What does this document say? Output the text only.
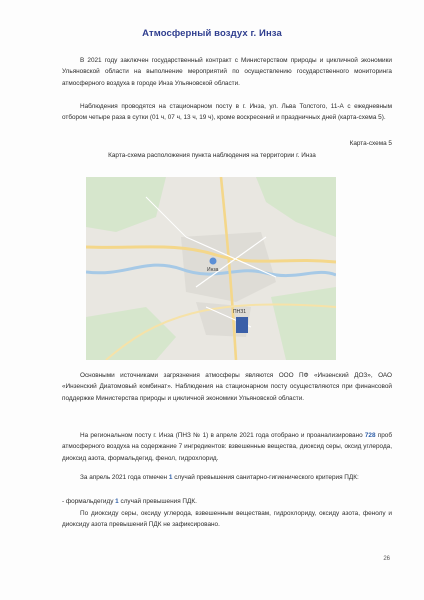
Атмосферный воздух г. Инза

В 2021 году заключен государственный контракт с Министерством природы и цикличной экономики Ульяновской области на выполнение мероприятий по осуществлению государственного мониторинга атмосферного воздуха в городе Инза Ульяновской области.

Наблюдения проводятся на стационарном посту в г. Инза, ул. Льва Толстого, 11-А с ежедневным отбором четыре раза в сутки (01 ч, 07 ч, 13 ч, 19 ч), кроме воскресений и праздничных дней (карта-схема 5).

Карта-схема 5
Карта-схема расположения пункта наблюдения на территории г. Инза
Инза
ПНЗ1

Основными источниками загрязнения атмосферы являются ООО ПФ «Инзенский ДОЗ», ОАО «Инзенский Диатомовый комбинат». Наблюдения на стационарном посту осуществляются при финансовой поддержке Министерства природы и цикличной экономики Ульяновской области.

На региональном посту г. Инза (ПНЗ № 1) в апреле 2021 года отобрано и проанализировано 728 проб атмосферного воздуха на содержание 7 ингредиентов: взвешенные вещества, диоксид серы, оксид углерода, диоксид азота, формальдегид, фенол, гидрохлорид.

За апрель 2021 года отмечен 1 случай превышения санитарно-гигиенического критерия ПДК:

- формальдегиду 1 случай превышения ПДК.

По диоксиду серы, оксиду углерода, взвешенным веществам, гидрохлориду, оксиду азота, фенолу и диоксиду азота превышений ПДК не зафиксировано.

26
